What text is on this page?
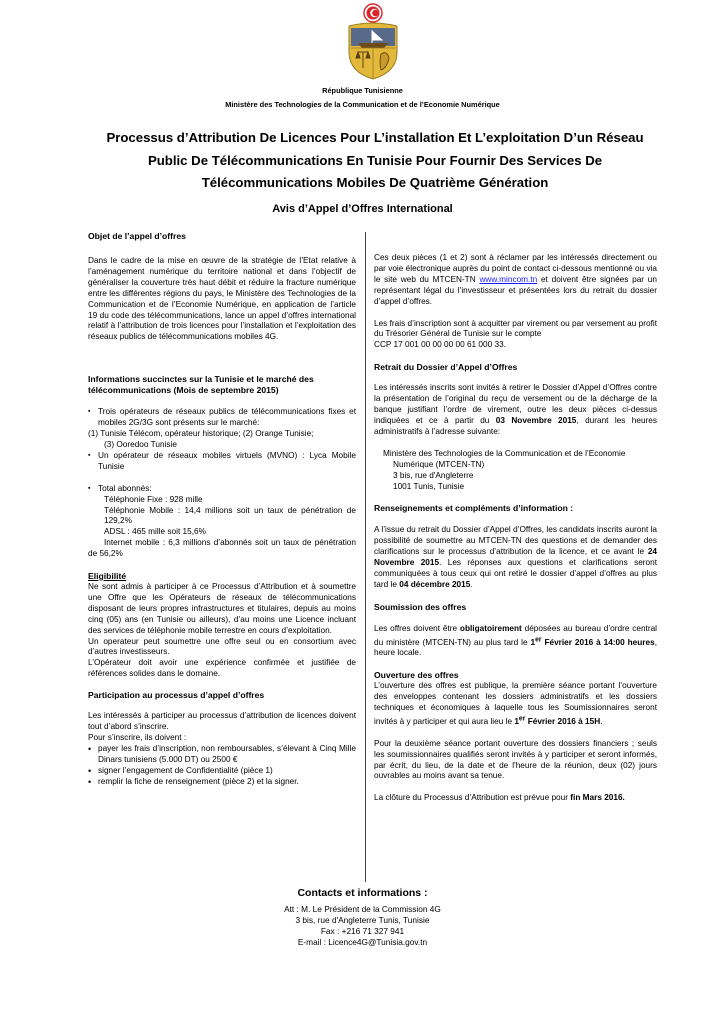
République Tunisienne
Ministère des Technologies de la Communication et de l’Economie Numérique
Processus d’Attribution De Licences Pour L’installation Et L’exploitation D’un Réseau
Public De Télécommunications En Tunisie Pour Fournir Des Services De
Télécommunications Mobiles De Quatrième Génération
Avis d’Appel d’Offres International
Objet de l’appel d’offres

Dans le cadre de la mise en œuvre de la stratégie de l’Etat relative à l’aménagement numérique du territoire national et dans l’objectif de généraliser la couverture très haut débit et réduire la fracture numérique entre les différentes régions du pays, le Ministère des Technologies de la Communication et de l’Economie Numérique, en application de l’article 19 du code des télécommunications, lance un appel d’offres international relatif à l’attribution de trois licences pour l’installation et l’exploitation des réseaux publics de télécommunications mobiles 4G.

Informations succinctes sur la Tunisie et le marché des télécommunications (Mois de septembre 2015)
▪ Trois opérateurs de réseaux publics de télécommunications fixes et mobiles 2G/3G sont présents sur le marché:
(1) Tunisie Télécom, opérateur historique; (2) Orange Tunisie;
(3) Ooredoo Tunisie
▪ Un opérateur de réseaux mobiles virtuels (MVNO) : Lyca Mobile Tunisie
▪ Total abonnés:
Téléphonie Fixe : 928 mille
Téléphonie Mobile : 14,4 millions soit un taux de pénétration de 129,2%
ADSL : 465 mille soit 15,6%
Internet mobile : 6,3 millions d’abonnés soit un taux de pénétration de 56,2%
Eligibilité

Ne sont admis à participer à ce Processus d’Attribution et à soumettre une Offre que les Opérateurs de réseaux de télécommunications disposant de leurs propres infrastructures et titulaires, depuis au moins cinq (05) ans (en Tunisie ou ailleurs), d’au moins une Licence incluant des services de téléphonie mobile terrestre en cours d’exploitation.

Un operateur peut soumettre une offre seul ou en consortium avec d’autres investisseurs.

L’Opérateur doit avoir une expérience confirmée et justifiée de références solides dans le domaine.

Participation au processus d’appel d’offres

Les intéressés à participer au processus d’attribution de licences doivent tout d’abord s’inscrire.

Pour s’inscrire, ils doivent :

• payer les frais d’inscription, non remboursables, s’élevant à Cinq Mille Dinars tunisiens (5.000 DT) ou 2500 €
• signer l’engagement de Confidentialité (pièce 1)
• remplir la fiche de renseignement (pièce 2) et la signer.

Ces deux pièces (1 et 2) sont à réclamer par les intéressés directement ou par voie électronique auprès du point de contact ci-dessous mentionné ou via le site web du MTCEN-TN www.mincom.tn et doivent être signées par un représentant légal du l’investisseur et présentées lors du retrait du dossier d’appel d’offres.

Les frais d’inscription sont à acquitter par virement ou par versement au profit du Trésorier Général de Tunisie sur le compte

CCP 17 001 00 00 00 00 61 000 33.

Retrait du Dossier d’Appel d’Offres

Les intéressés inscrits sont invités à retirer le Dossier d’Appel d’Offres contre la présentation de l’original du reçu de versement ou de la décharge de la banque justifiant l’ordre de virement, outre les deux pièces ci-dessus indiquées et ce à partir du 03 Novembre 2015, durant les heures administratifs à l’adresse suivante:

Ministère des Technologies de la Communication et de l’Economie
Numérique (MTCEN-TN)
3 bis, rue d'Angleterre
1001 Tunis, Tunisie
Renseignements et compléments d’information :

A l’issue du retrait du Dossier d’Appel d’Offres, les candidats inscrits auront la possibilité de soumettre au MTCEN-TN des questions et de demander des clarifications sur le processus d’attribution de la licence, et ce avant le 24 Novembre 2015. Les réponses aux questions et clarifications seront communiquées à tous ceux qui ont retiré le dossier d’appel d’offres au plus tard le 04 décembre 2015.

Soumission des offres

Les offres doivent être obligatoirement déposées au bureau d’ordre central du ministère (MTCEN-TN) au plus tard le 1er Février 2016 à 14:00 heures, heure locale.

Ouverture des offres

L’ouverture des offres est publique, la première séance portant l’ouverture des enveloppes contenant les dossiers administratifs et les dossiers techniques et économiques à laquelle tous les Soumissionnaires seront invités à y participer et qui aura lieu le 1er Février 2016 à 15H.

Pour la deuxième séance portant ouverture des dossiers financiers ; seuls les soumissionnaires qualifiés seront invités à y participer et seront informés, par écrit, du lieu, de la date et de l'heure de la réunion, deux (02) jours ouvrables au moins avant sa tenue.

La clôture du Processus d’Attribution est prévue pour fin Mars 2016.

Contacts et informations :
Att : M. Le Président de la Commission 4G
3 bis, rue d'Angleterre Tunis, Tunisie
Fax : +216 71 327 941
E-mail : Licence4G@Tunisia.gov.tn
